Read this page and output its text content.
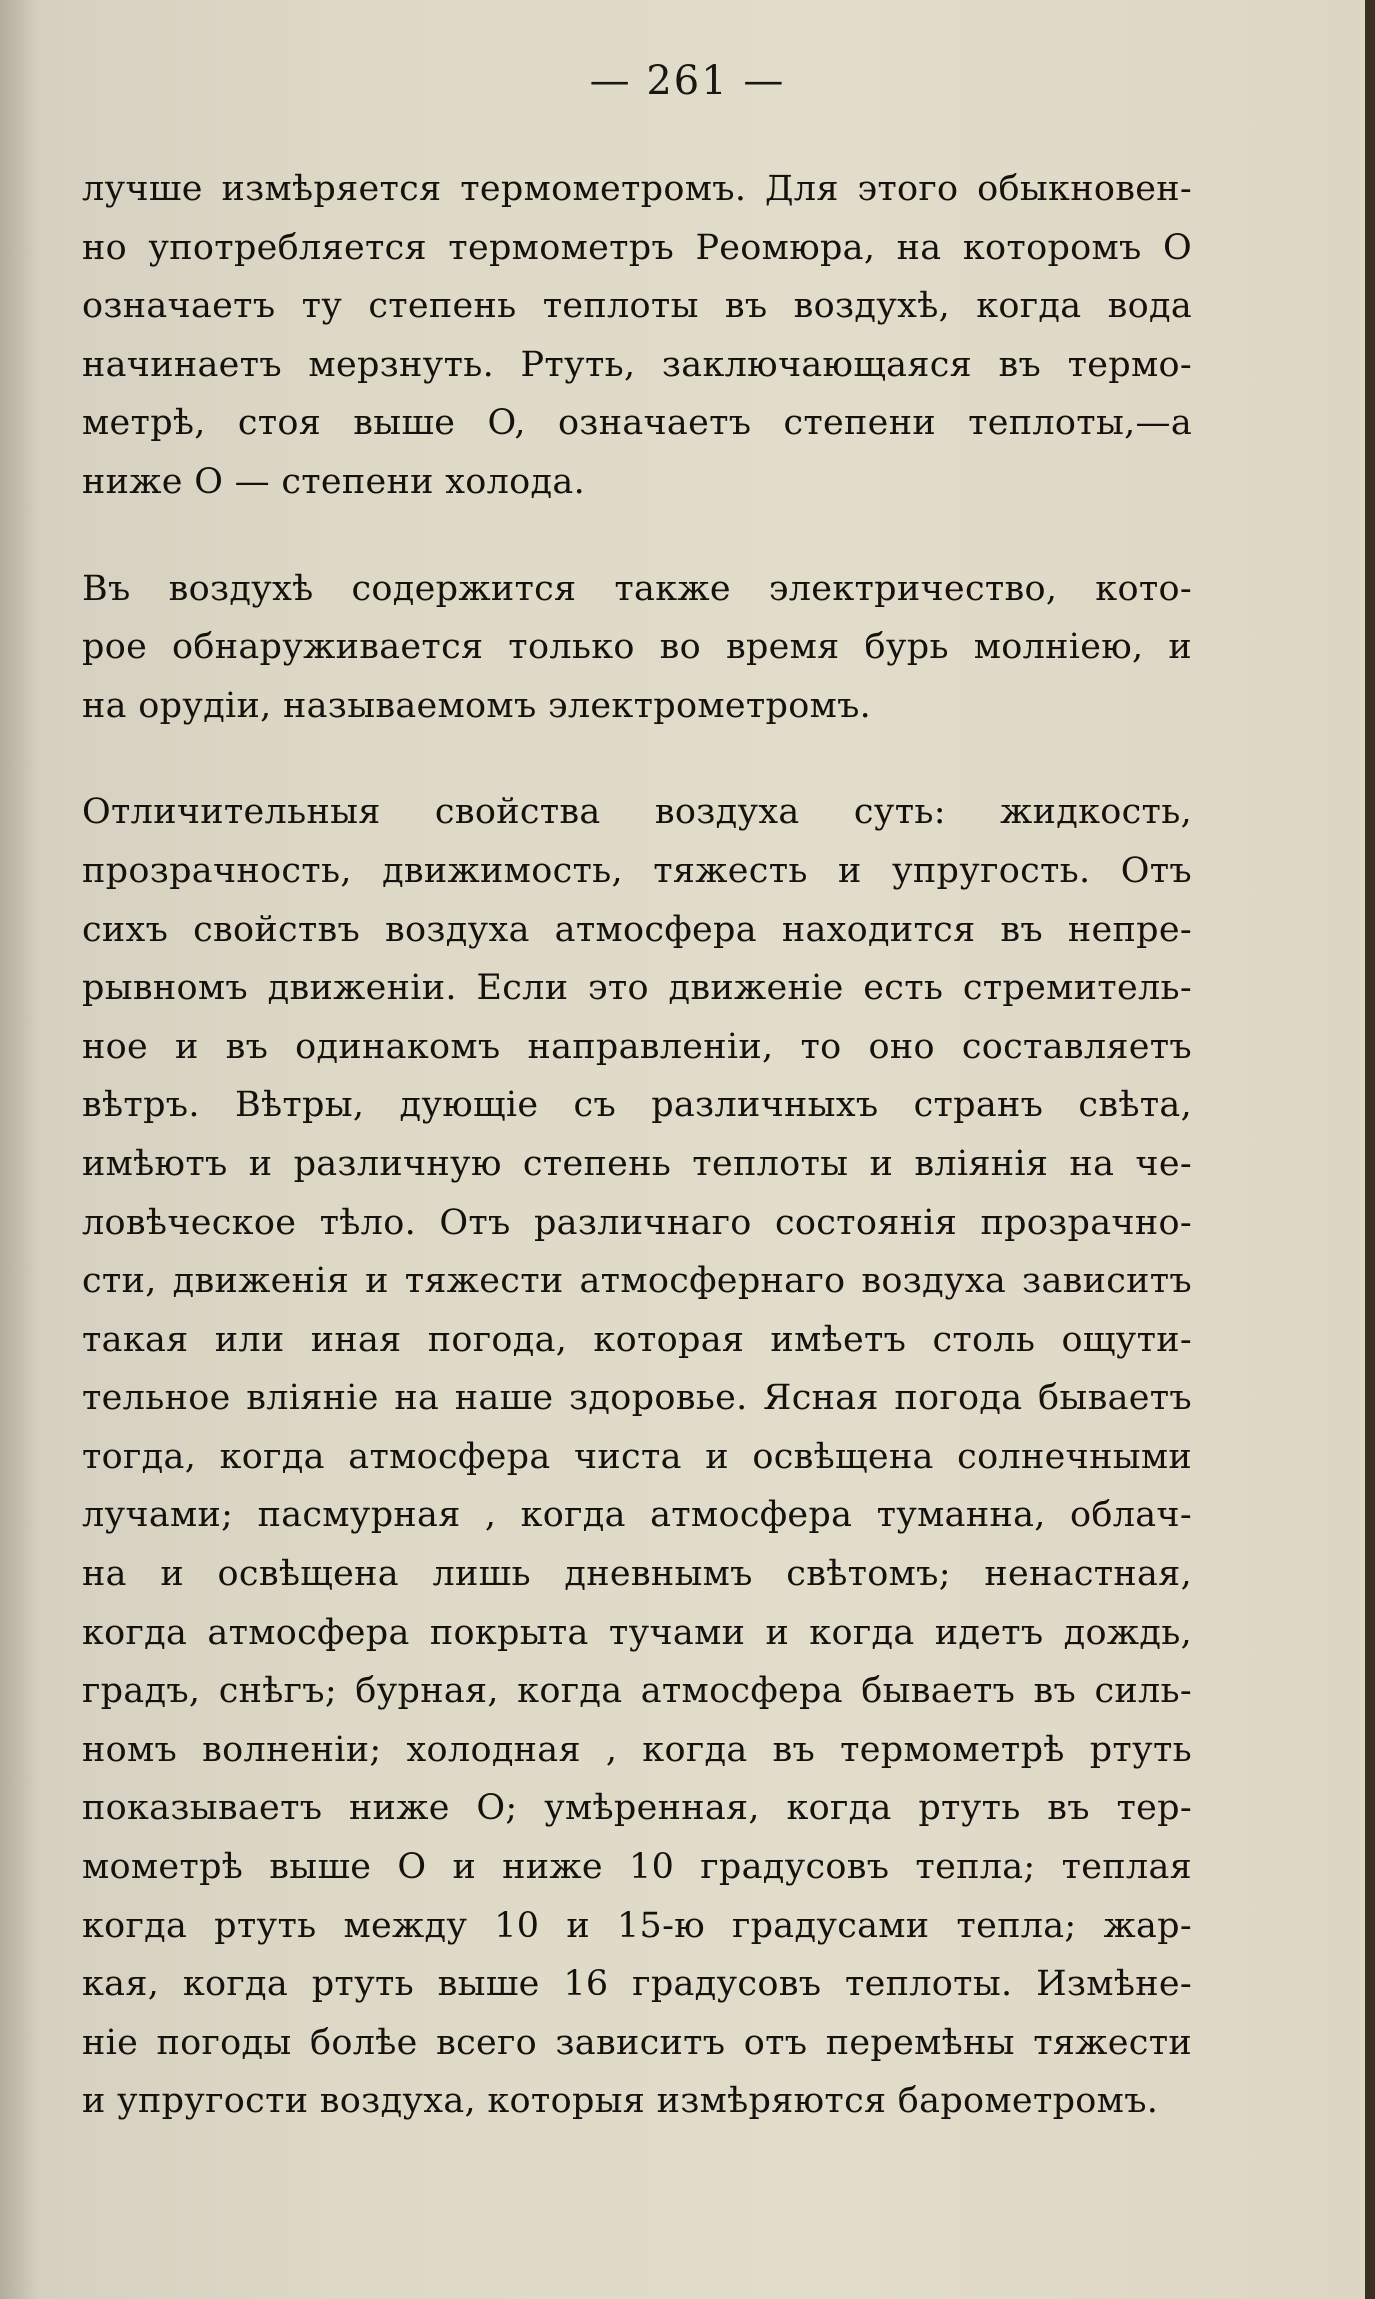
— 261 —
лучше измѣряется термометромъ. Для этого обыкновен-
но употребляется термометръ Реомюра, на которомъ O
означаетъ ту степень теплоты въ воздухѣ, когда вода
начинаетъ мерзнуть. Ртуть, заключающаяся въ термо-
метрѣ, стоя выше O, означаетъ степени теплоты,—а
ниже O — степени холода.
Въ воздухѣ содержится также электричество, кото-
рое обнаруживается только во время бурь молніею, и
на орудіи, называемомъ электрометромъ.
Отличительныя свойства воздуха суть: жидкость,
прозрачность, движимость, тяжесть и упругость. Отъ
сихъ свойствъ воздуха атмосфера находится въ непре-
рывномъ движеніи. Если это движеніе есть стремитель-
ное и въ одинакомъ направленіи, то оно составляетъ
вѣтръ. Вѣтры, дующіе съ различныхъ странъ свѣта,
имѣютъ и различную степень теплоты и вліянія на че-
ловѣческое тѣло. Отъ различнаго состоянія прозрачно-
сти, движенія и тяжести атмосфернаго воздуха зависитъ
такая или иная погода, которая имѣетъ столь ощути-
тельное вліяніе на наше здоровье. Ясная погода бываетъ
тогда, когда атмосфера чиста и освѣщена солнечными
лучами; пасмурная , когда атмосфера туманна, облач-
на и освѣщена лишь дневнымъ свѣтомъ; ненастная,
когда атмосфера покрыта тучами и когда идетъ дождь,
градъ, снѣгъ; бурная, когда атмосфера бываетъ въ силь-
номъ волненіи; холодная , когда въ термометрѣ ртуть
показываетъ ниже O; умѣренная, когда ртуть въ тер-
мометрѣ выше O и ниже 10 градусовъ тепла; теплая
когда ртуть между 10 и 15-ю градусами тепла; жар-
кая, когда ртуть выше 16 градусовъ теплоты. Измѣне-
ніе погоды болѣе всего зависитъ отъ перемѣны тяжести
и упругости воздуха, которыя измѣряются барометромъ.
